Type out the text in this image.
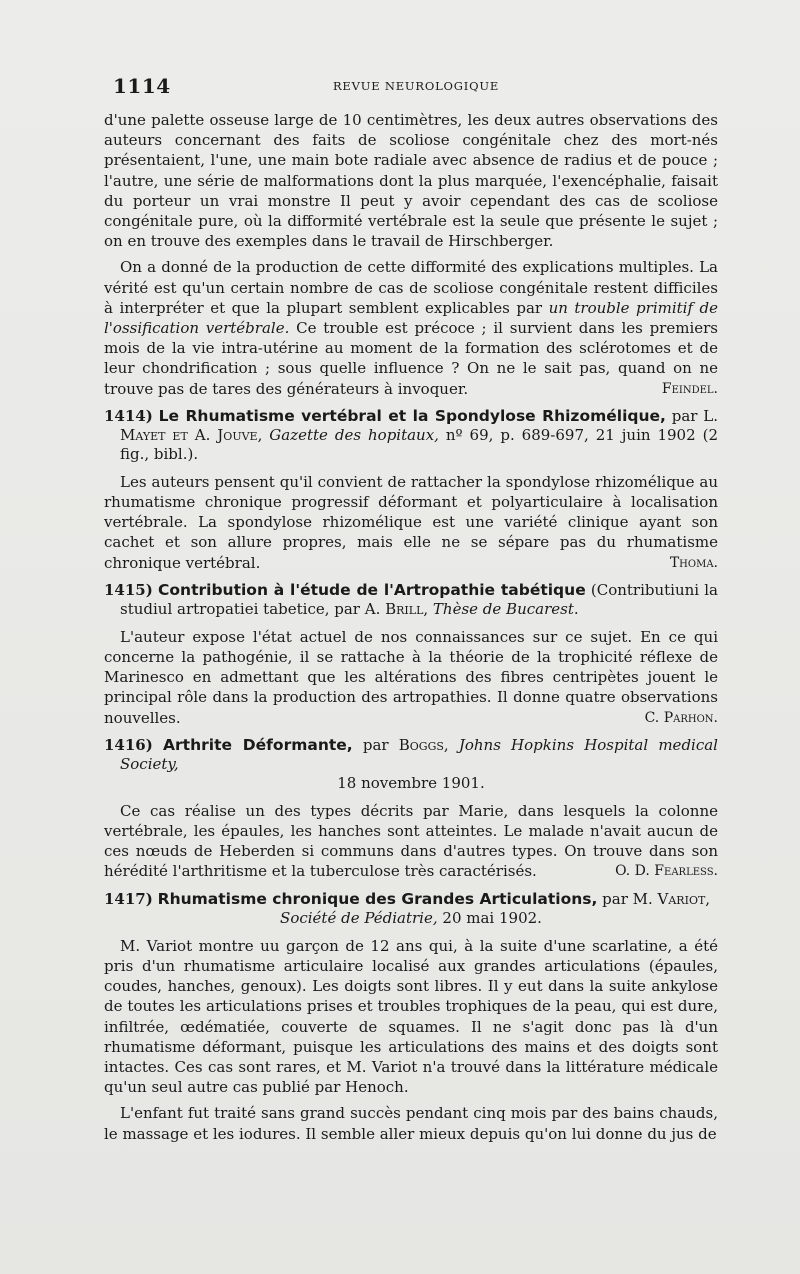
1114	REVUE NEUROLOGIQUE

d'une palette osseuse large de 10 centimètres, les deux autres observations des auteurs concernant des faits de scoliose congénitale chez des mort-nés présentaient, l'une, une main bote radiale avec absence de radius et de pouce ; l'autre, une série de malformations dont la plus marquée, l'exencéphalie, faisait du porteur un vrai monstre Il peut y avoir cependant des cas de scoliose congénitale pure, où la difformité vertébrale est la seule que présente le sujet ; on en trouve des exemples dans le travail de Hirschberger.

On a donné de la production de cette difformité des explications multiples. La vérité est qu'un certain nombre de cas de scoliose congénitale restent difficiles à interpréter et que la plupart semblent explicables par un trouble primitif de l'ossification vertébrale. Ce trouble est précoce ; il survient dans les premiers mois de la vie intra-utérine au moment de la formation des sclérotomes et de leur chondrification ; sous quelle influence ? On ne le sait pas, quand on ne trouve pas de tares des générateurs à invoquer.	Feindel.

1414) Le Rhumatisme vertébral et la Spondylose Rhizomélique, par L. Mayet et A. Jouve, Gazette des hopitaux, nº 69, p. 689-697, 21 juin 1902 (2 fig., bibl.).

Les auteurs pensent qu'il convient de rattacher la spondylose rhizomélique au rhumatisme chronique progressif déformant et polyarticulaire à localisation vertébrale. La spondylose rhizomélique est une variété clinique ayant son cachet et son allure propres, mais elle ne se sépare pas du rhumatisme chronique vertébral.	Thoma.

1415) Contribution à l'étude de l'Artropathie tabétique (Contributiuni la studiul artropatiei tabetice, par A. Brill, Thèse de Bucarest.

L'auteur expose l'état actuel de nos connaissances sur ce sujet. En ce qui concerne la pathogénie, il se rattache à la théorie de la trophicité réflexe de Marinesco en admettant que les altérations des fibres centripètes jouent le principal rôle dans la production des artropathies. Il donne quatre observations nouvelles.	C. Parhon.

1416) Arthrite Déformante, par Boggs, Johns Hopkins Hospital medical Society,
18 novembre 1901.

Ce cas réalise un des types décrits par Marie, dans lesquels la colonne vertébrale, les épaules, les hanches sont atteintes. Le malade n'avait aucun de ces nœuds de Heberden si communs dans d'autres types. On trouve dans son hérédité l'arthritisme et la tuberculose très caractérisés.	O. D. Fearless.

1417) Rhumatisme chronique des Grandes Articulations, par M. Variot,
Société de Pédiatrie, 20 mai 1902.

M. Variot montre uu garçon de 12 ans qui, à la suite d'une scarlatine, a été pris d'un rhumatisme articulaire localisé aux grandes articulations (épaules, coudes, hanches, genoux). Les doigts sont libres. Il y eut dans la suite ankylose de toutes les articulations prises et troubles trophiques de la peau, qui est dure, infiltrée, œdématiée, couverte de squames. Il ne s'agit donc pas là d'un rhumatisme déformant, puisque les articulations des mains et des doigts sont intactes. Ces cas sont rares, et M. Variot n'a trouvé dans la littérature médicale qu'un seul autre cas publié par Henoch.

L'enfant fut traité sans grand succès pendant cinq mois par des bains chauds, le massage et les iodures. Il semble aller mieux depuis qu'on lui donne du jus de
